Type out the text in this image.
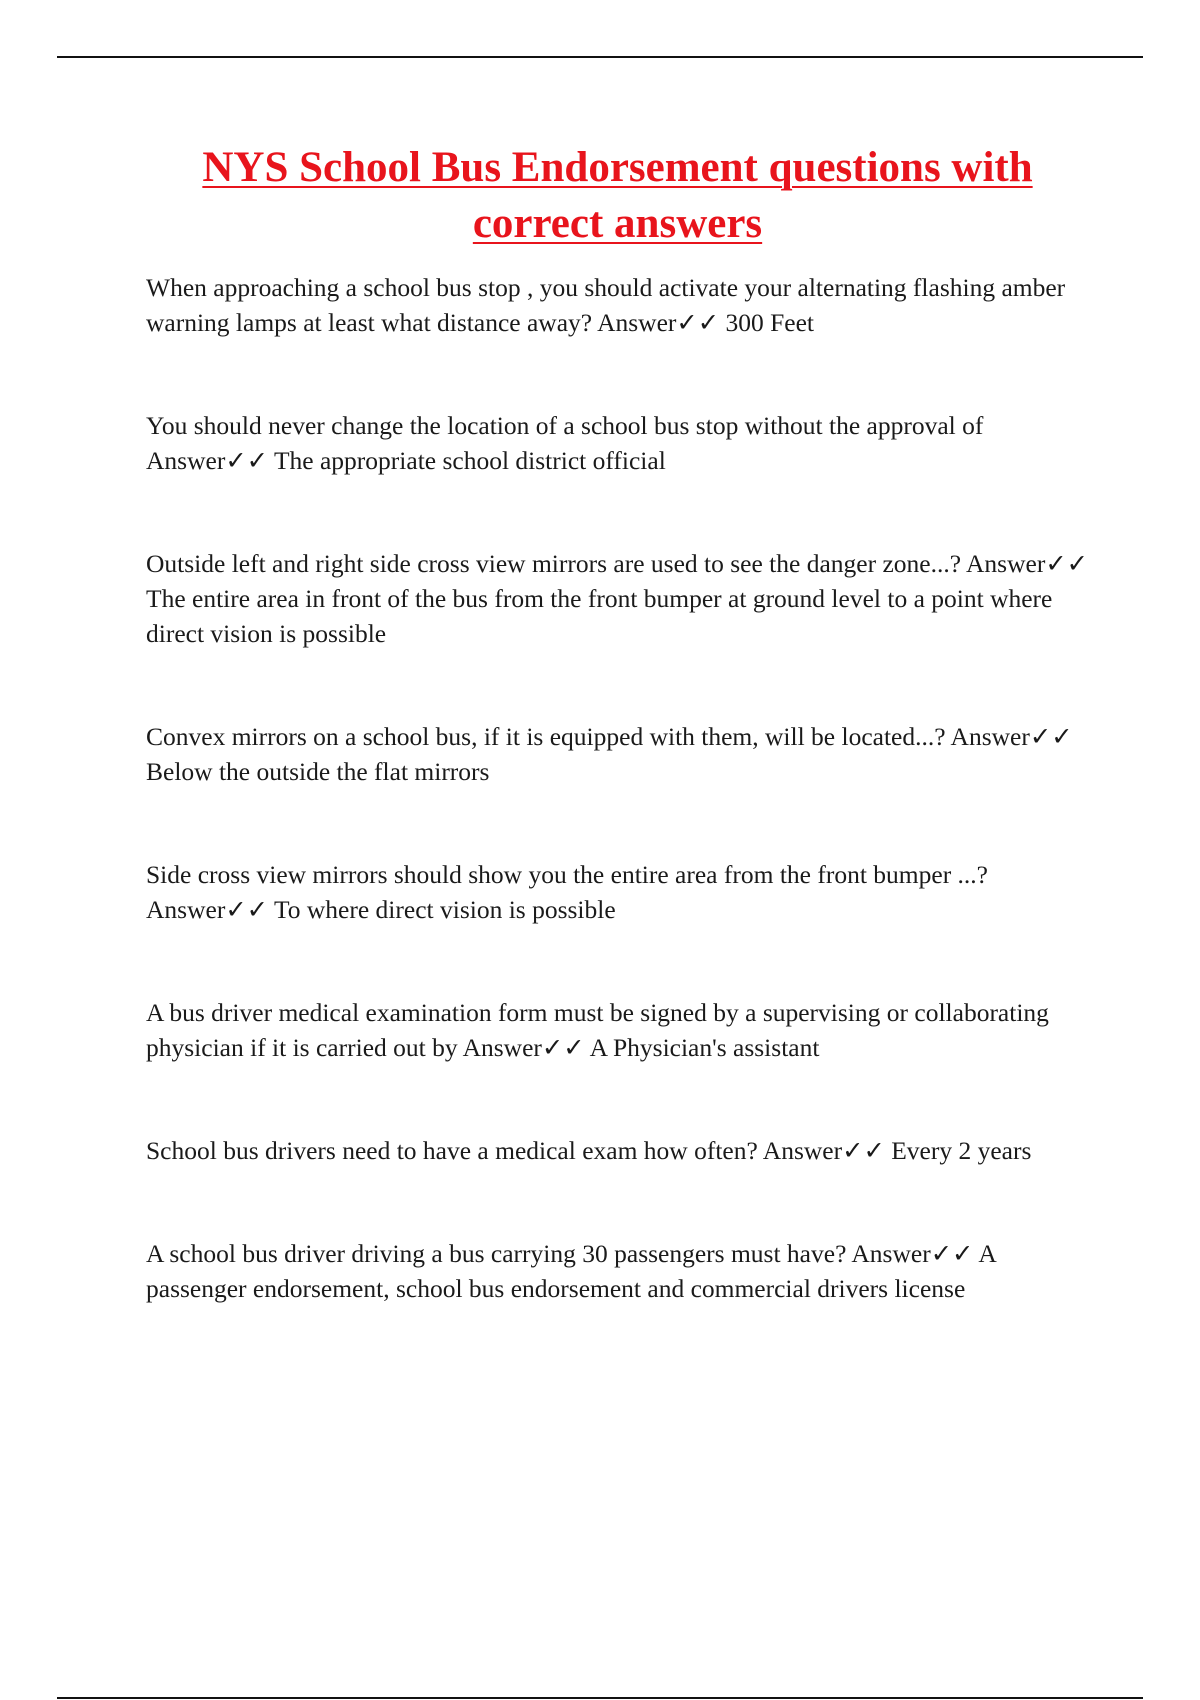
NYS School Bus Endorsement questions with correct answers
When approaching a school bus stop , you should activate your alternating flashing amber warning lamps at least what distance away? Answer✓✓ 300 Feet
You should never change the location of a school bus stop without the approval of Answer✓✓ The appropriate school district official
Outside left and right side cross view mirrors are used to see the danger zone...? Answer✓✓ The entire area in front of the bus from the front bumper at ground level to a point where direct vision is possible
Convex mirrors on a school bus, if it is equipped with them, will be located...? Answer✓✓ Below the outside the flat mirrors
Side cross view mirrors should show you the entire area from the front bumper ...? Answer✓✓ To where direct vision is possible
A bus driver medical examination form must be signed by a supervising or collaborating physician if it is carried out by Answer✓✓ A Physician's assistant
School bus drivers need to have a medical exam how often? Answer✓✓ Every 2 years
A school bus driver driving a bus carrying 30 passengers must have? Answer✓✓ A passenger endorsement, school bus endorsement and commercial drivers license
